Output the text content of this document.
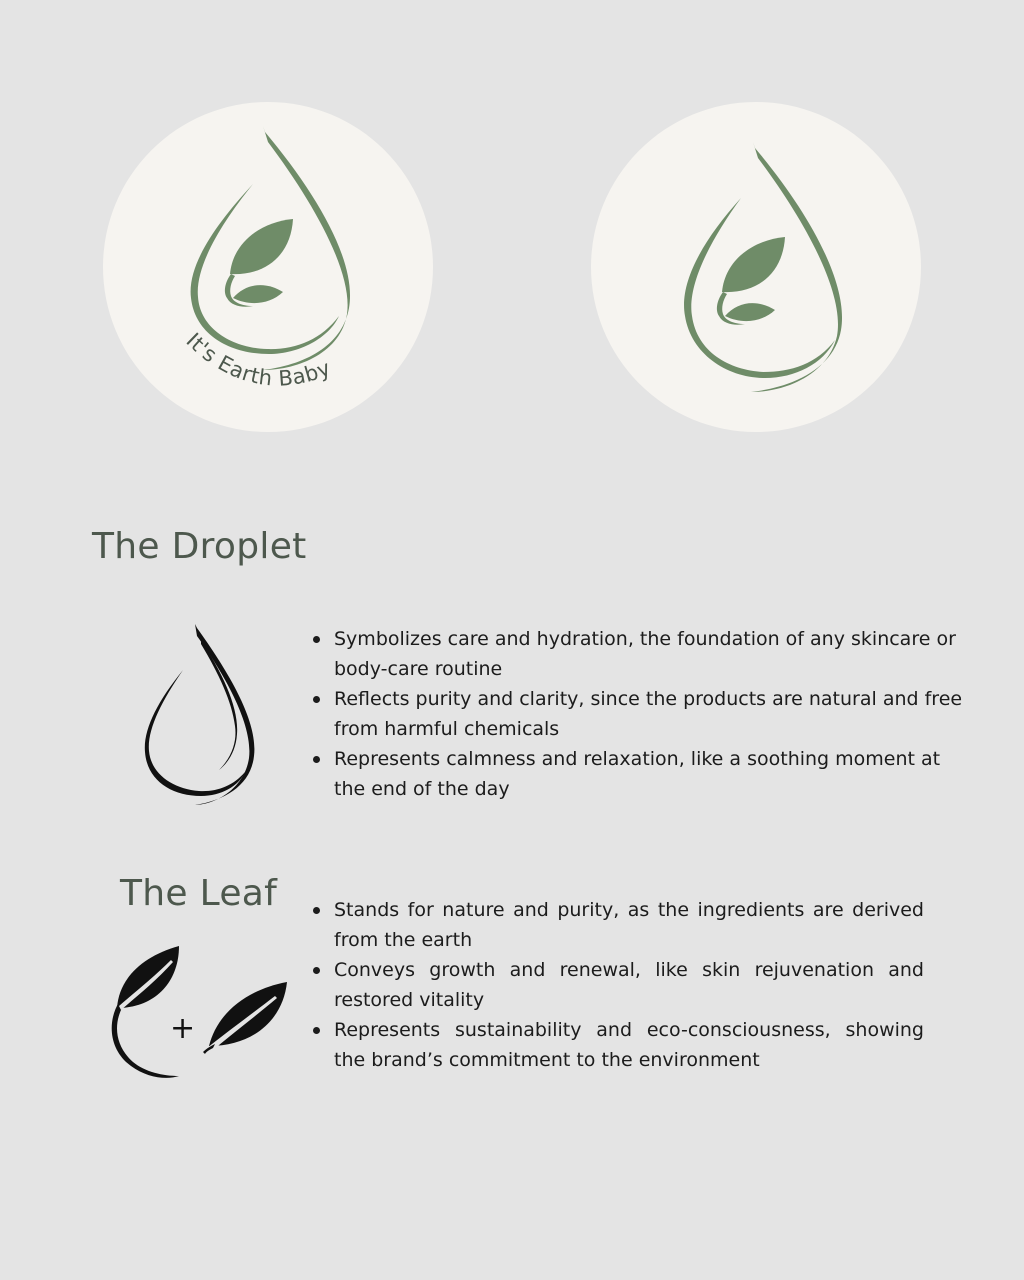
It's Earth Baby
The Droplet
Symbolizes care and hydration, the foundation of any skincare or body-care routine
Reflects purity and clarity, since the products are natural and free from harmful chemicals
Represents calmness and relaxation, like a soothing moment at the end of the day
The Leaf
+
Stands for nature and purity, as the ingredients are derived from the earth
Conveys growth and renewal, like skin rejuvenation and restored vitality
Represents sustainability and eco-consciousness, showing the brand’s commitment to the environment
